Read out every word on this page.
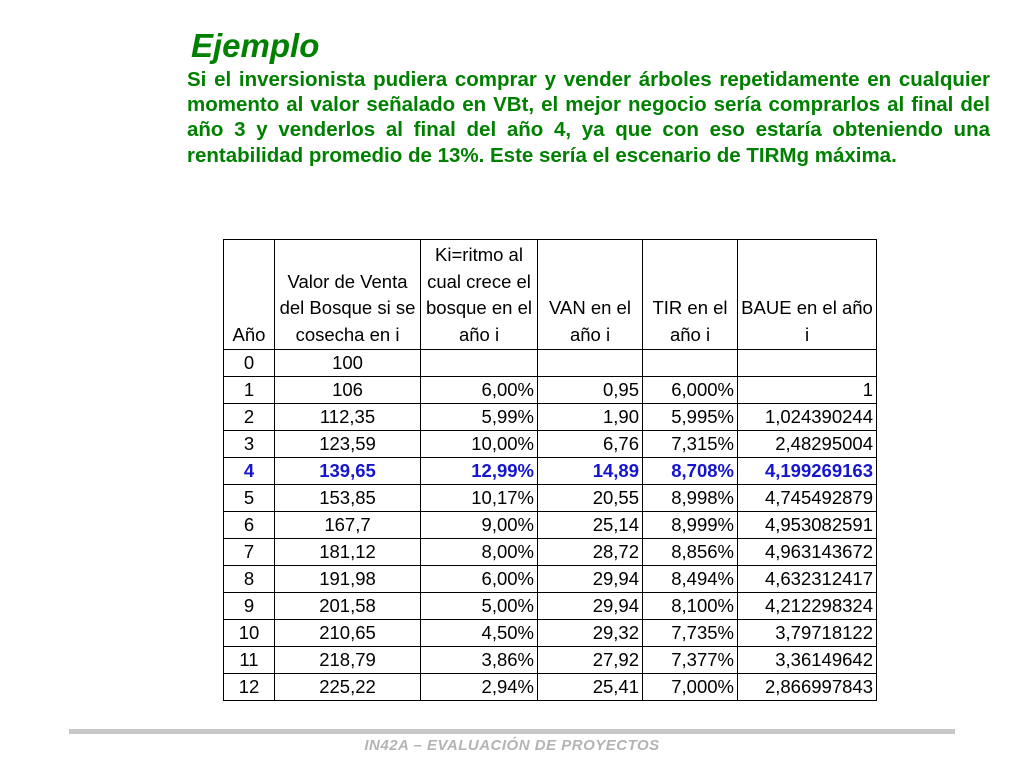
Ejemplo

Si el inversionista pudiera comprar y vender árboles repetidamente en cualquier momento al valor señalado en VBt, el mejor negocio sería comprarlos al final del año 3 y venderlos al final del año 4, ya que con eso estaría obteniendo una rentabilidad promedio de 13%. Este sería el escenario de TIRMg máxima.

Año	Valor de Venta del Bosque si se cosecha en i	Ki=ritmo al cual crece el bosque en el año i	VAN en el año i	TIR en el año i	BAUE en el año i
0	100				
1	106	6,00%	0,95	6,000%	1
2	112,35	5,99%	1,90	5,995%	1,024390244
3	123,59	10,00%	6,76	7,315%	2,48295004
4	139,65	12,99%	14,89	8,708%	4,199269163
5	153,85	10,17%	20,55	8,998%	4,745492879
6	167,7	9,00%	25,14	8,999%	4,953082591
7	181,12	8,00%	28,72	8,856%	4,963143672
8	191,98	6,00%	29,94	8,494%	4,632312417
9	201,58	5,00%	29,94	8,100%	4,212298324
10	210,65	4,50%	29,32	7,735%	3,79718122
11	218,79	3,86%	27,92	7,377%	3,36149642
12	225,22	2,94%	25,41	7,000%	2,866997843
IN42A – EVALUACIÓN DE PROYECTOS
